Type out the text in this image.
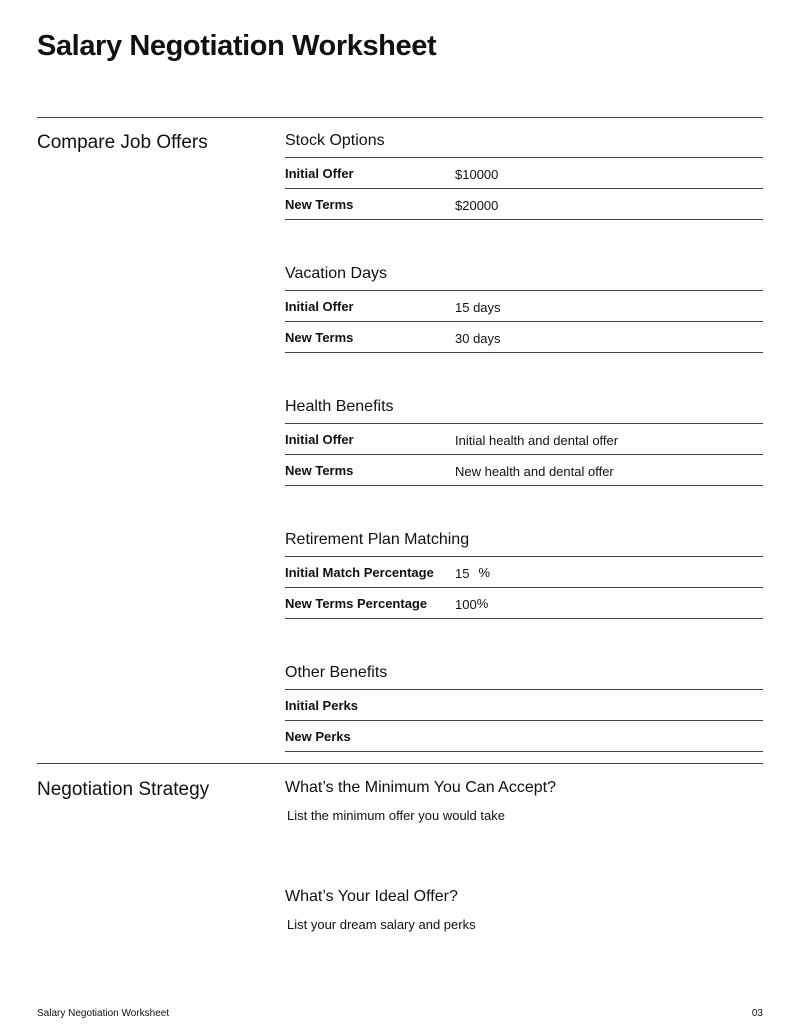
Salary Negotiation Worksheet
Compare Job Offers	Stock Options
Initial Offer	$10000
New Terms	$20000
Vacation Days
Initial Offer	15 days
New Terms	30 days
Health Benefits
Initial Offer	Initial health and dental offer
New Terms	New health and dental offer
Retirement Plan Matching
Initial Match Percentage	15 %
New Terms Percentage	100 %
Other Benefits
Initial Perks
New Perks
Negotiation Strategy	What’s the Minimum You Can Accept?
List the minimum offer you would take
What’s Your Ideal Offer?
List your dream salary and perks
Salary Negotiation Worksheet	03
